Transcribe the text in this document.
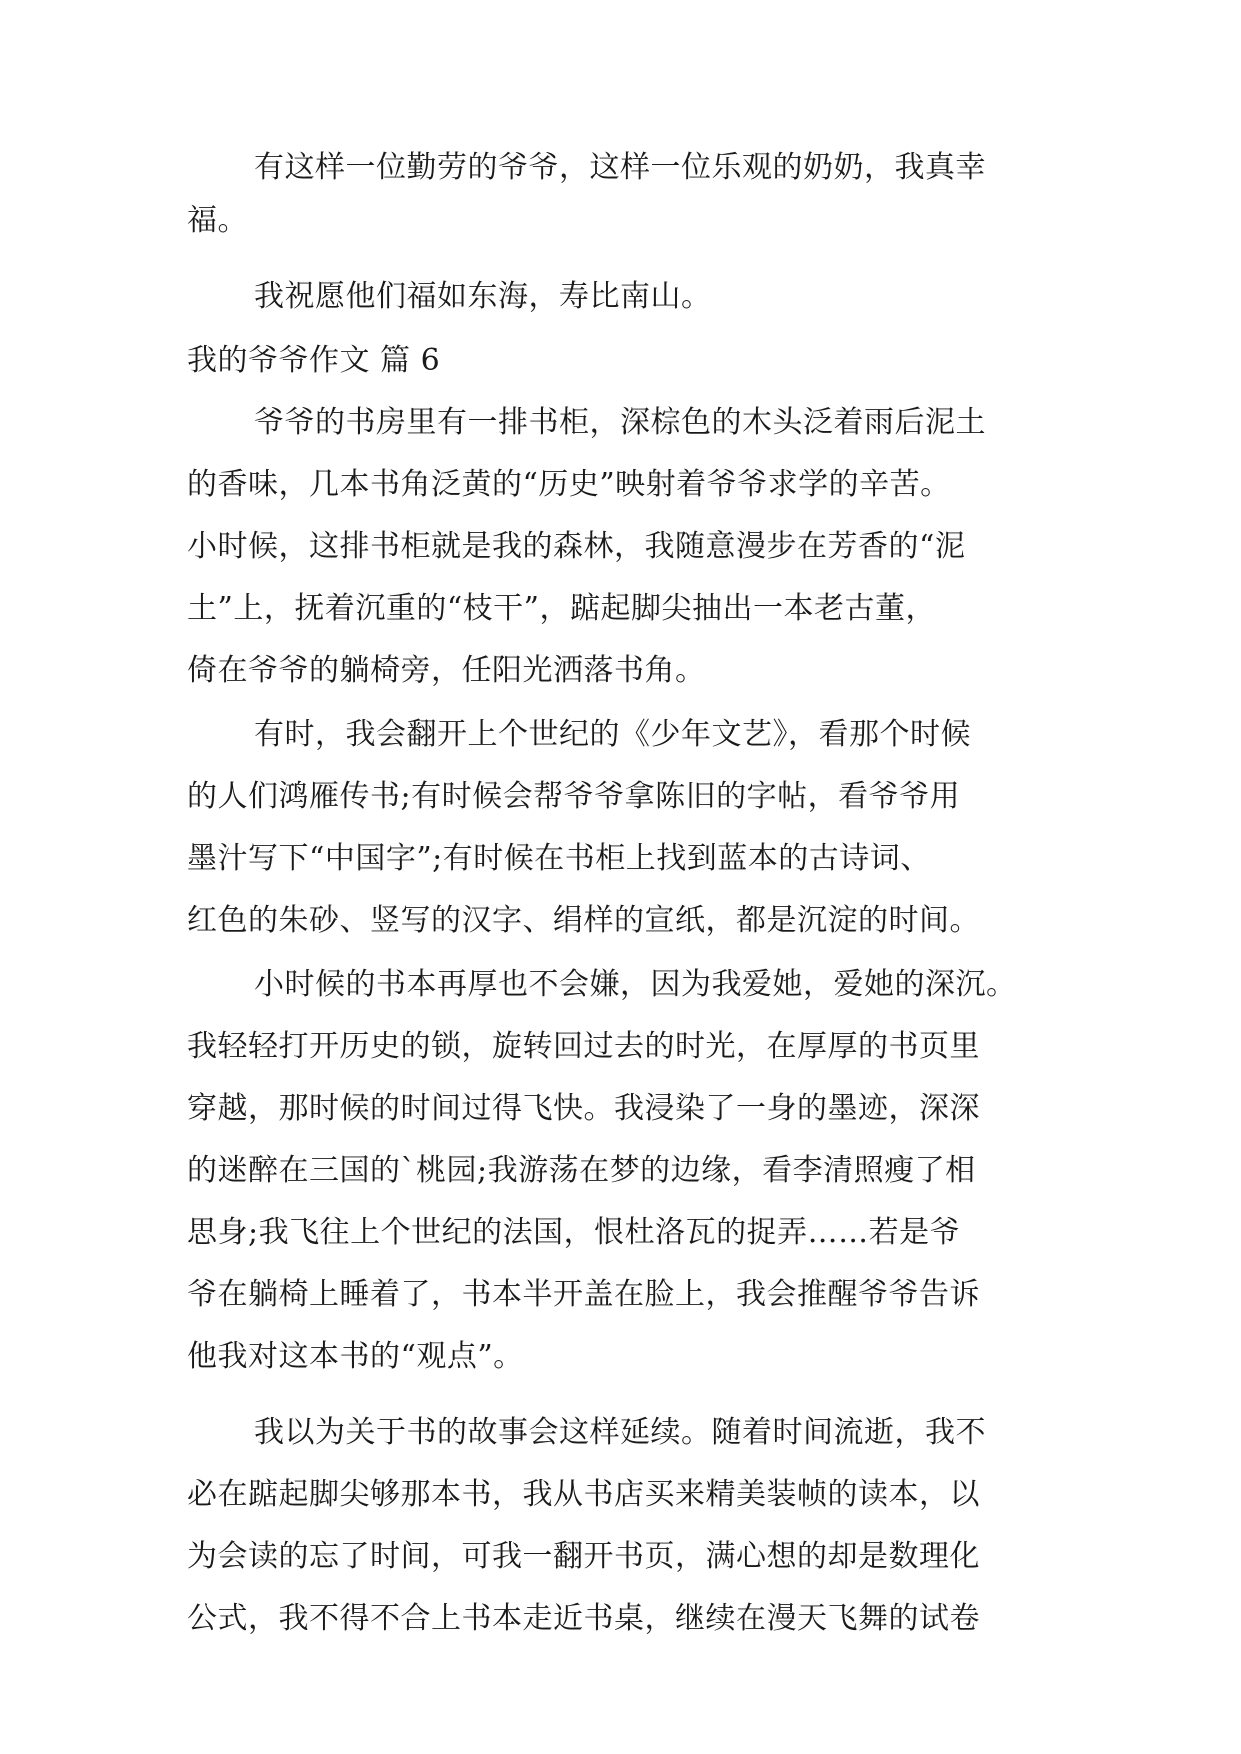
有这样一位勤劳的爷爷，这样一位乐观的奶奶，我真幸
福。
我祝愿他们福如东海，寿比南山。
我的爷爷作文 篇 6
爷爷的书房里有一排书柜，深棕色的木头泛着雨后泥土
的香味，几本书角泛黄的“历史”映射着爷爷求学的辛苦。
小时候，这排书柜就是我的森林，我随意漫步在芳香的“泥
土”上，抚着沉重的“枝干”，踮起脚尖抽出一本老古董，
倚在爷爷的躺椅旁，任阳光洒落书角。
有时，我会翻开上个世纪的《少年文艺》，看那个时候
的人们鸿雁传书;有时候会帮爷爷拿陈旧的字帖，看爷爷用
墨汁写下“中国字”;有时候在书柜上找到蓝本的古诗词、
红色的朱砂、竖写的汉字、绢样的宣纸，都是沉淀的时间。
小时候的书本再厚也不会嫌，因为我爱她，爱她的深沉。
我轻轻打开历史的锁，旋转回过去的时光，在厚厚的书页里
穿越，那时候的时间过得飞快。我浸染了一身的墨迹，深深
的迷醉在三国的`桃园;我游荡在梦的边缘，看李清照瘦了相
思身;我飞往上个世纪的法国，恨杜洛瓦的捉弄……若是爷
爷在躺椅上睡着了，书本半开盖在脸上，我会推醒爷爷告诉
他我对这本书的“观点”。
我以为关于书的故事会这样延续。随着时间流逝，我不
必在踮起脚尖够那本书，我从书店买来精美装帧的读本，以
为会读的忘了时间，可我一翻开书页，满心想的却是数理化
公式，我不得不合上书本走近书桌，继续在漫天飞舞的试卷
